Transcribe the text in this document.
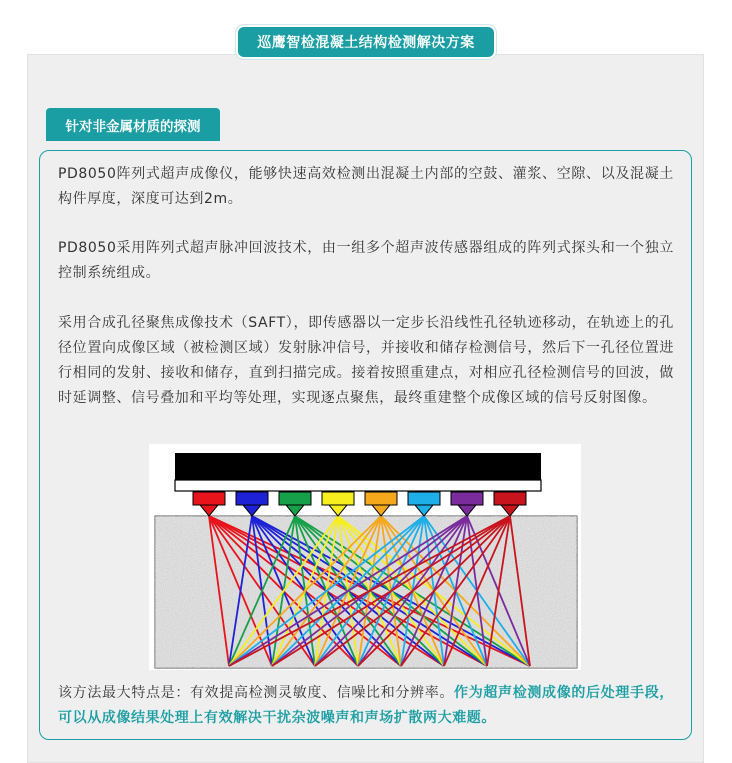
巡鹰智检混凝土结构检测解决方案
针对非金属材质的探测

PD8050阵列式超声成像仪，能够快速高效检测出混凝土内部的空鼓、灌浆、空隙、以及混凝土构件厚度，深度可达到2m。

PD8050采用阵列式超声脉冲回波技术，由一组多个超声波传感器组成的阵列式探头和一个独立控制系统组成。

采用合成孔径聚焦成像技术（SAFT），即传感器以一定步长沿线性孔径轨迹移动，在轨迹上的孔径位置向成像区域（被检测区域）发射脉冲信号，并接收和储存检测信号，然后下一孔径位置进行相同的发射、接收和储存，直到扫描完成。接着按照重建点，对相应孔径检测信号的回波，做时延调整、信号叠加和平均等处理，实现逐点聚焦，最终重建整个成像区域的信号反射图像。

该方法最大特点是：有效提高检测灵敏度、信噪比和分辨率。作为超声检测成像的后处理手段，可以从成像结果处理上有效解决干扰杂波噪声和声场扩散两大难题。
